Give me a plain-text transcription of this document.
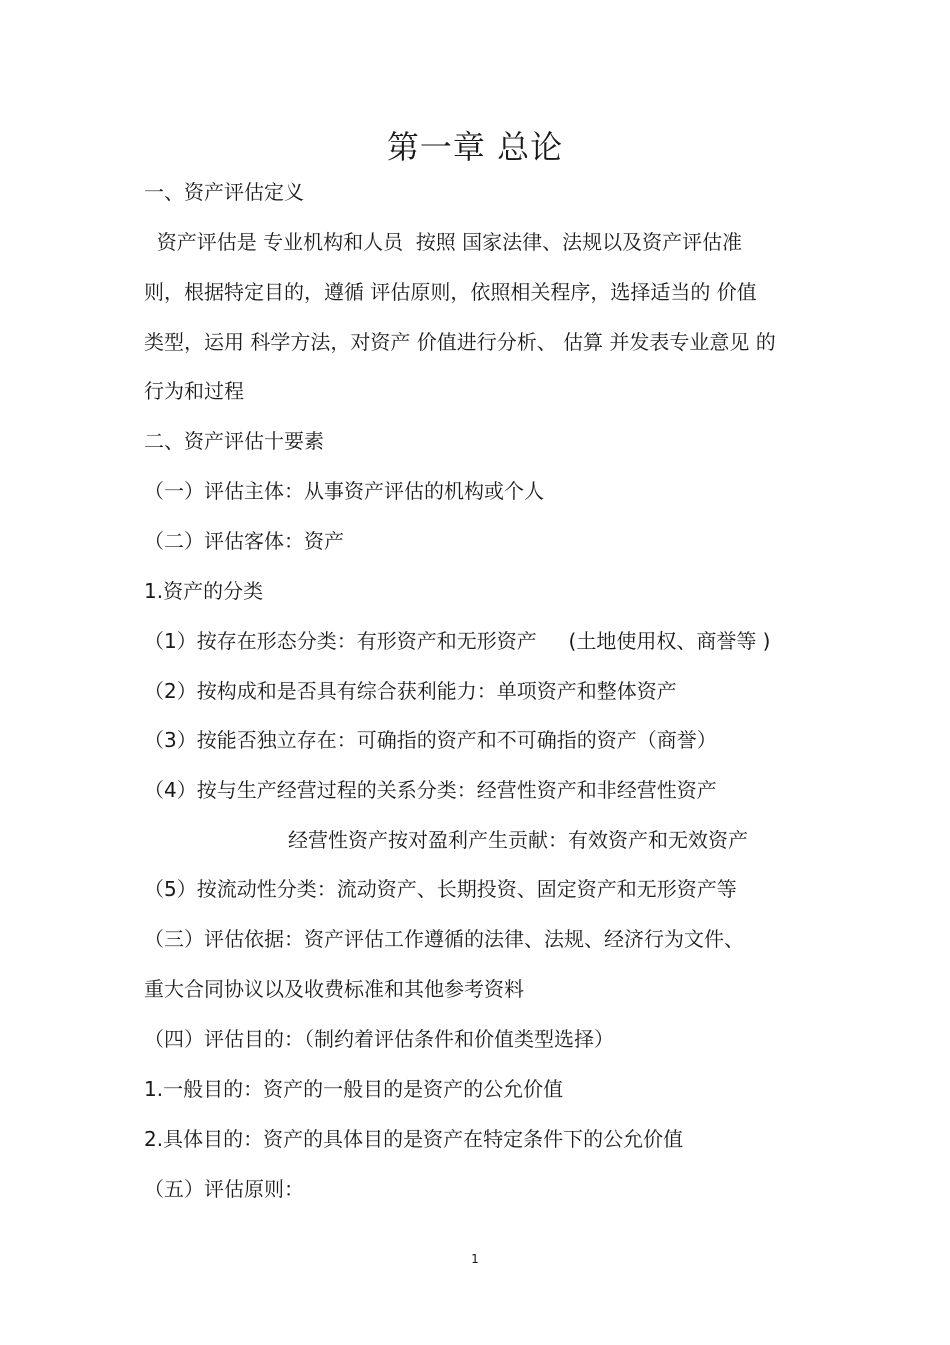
第一章 总论
一、资产评估定义
资产评估是 专业机构和人员  按照 国家法律、法规以及资产评估准
则，根据特定目的，遵循 评估原则，依照相关程序，选择适当的 价值
类型，运用 科学方法，对资产 价值进行分析、 估算 并发表专业意见 的
行为和过程
二、资产评估十要素
（一）评估主体：从事资产评估的机构或个人
（二）评估客体：资产
1.资产的分类
（1）按存在形态分类：有形资产和无形资产     (土地使用权、商誉等 )
（2）按构成和是否具有综合获利能力：单项资产和整体资产
（3）按能否独立存在：可确指的资产和不可确指的资产（商誉）
（4）按与生产经营过程的关系分类：经营性资产和非经营性资产
经营性资产按对盈利产生贡献：有效资产和无效资产
（5）按流动性分类：流动资产、长期投资、固定资产和无形资产等
（三）评估依据：资产评估工作遵循的法律、法规、经济行为文件、
重大合同协议以及收费标准和其他参考资料
（四）评估目的：（制约着评估条件和价值类型选择）
1.一般目的：资产的一般目的是资产的公允价值
2.具体目的：资产的具体目的是资产在特定条件下的公允价值
（五）评估原则：
1
